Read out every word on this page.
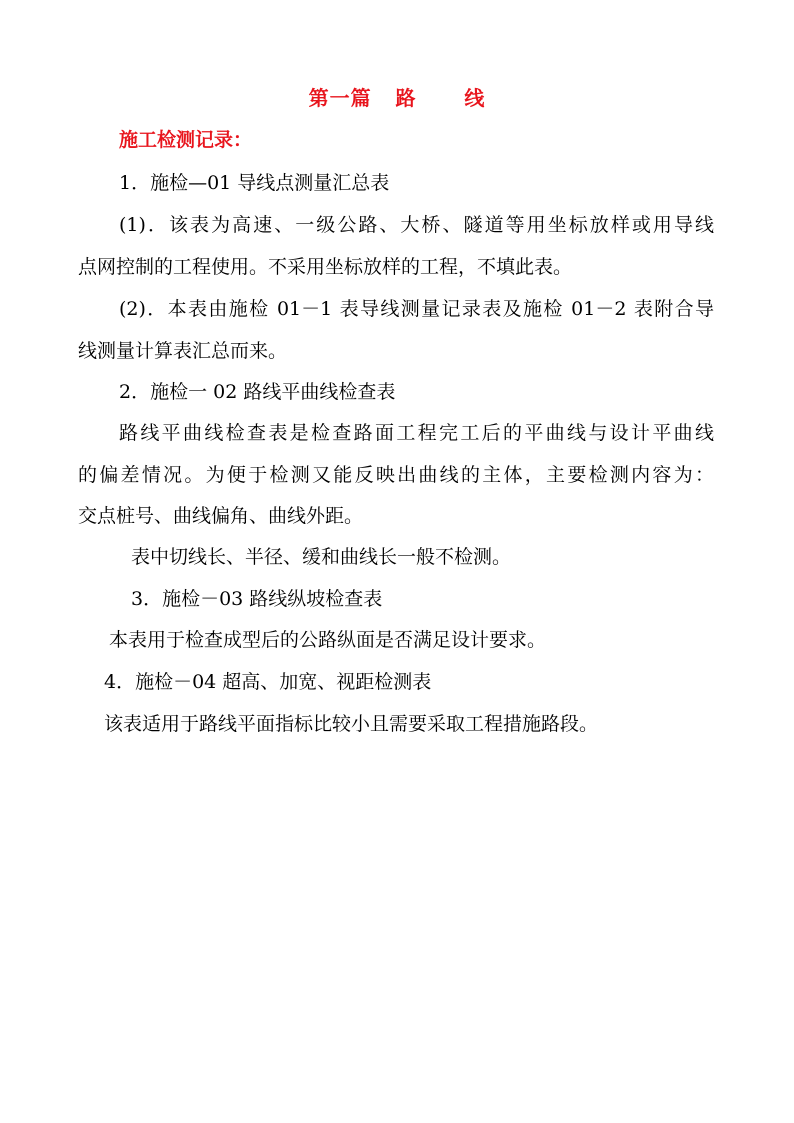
第一篇   路      线
施工检测记录：
1．施检—01 导线点测量汇总表
(1)．该表为高速、一级公路、大桥、隧道等用坐标放样或用导线
点网控制的工程使用。不采用坐标放样的工程，不填此表。
(2)．本表由施检 01－1 表导线测量记录表及施检 01－2 表附合导
线测量计算表汇总而来。
2．施检一 02 路线平曲线检查表
路线平曲线检查表是检查路面工程完工后的平曲线与设计平曲线
的偏差情况。为便于检测又能反映出曲线的主体，主要检测内容为：
交点桩号、曲线偏角、曲线外距。
表中切线长、半径、缓和曲线长一般不检测。
3．施检－03 路线纵坡检查表
本表用于检查成型后的公路纵面是否满足设计要求。
4．施检－04 超高、加宽、视距检测表
该表适用于路线平面指标比较小且需要采取工程措施路段。
